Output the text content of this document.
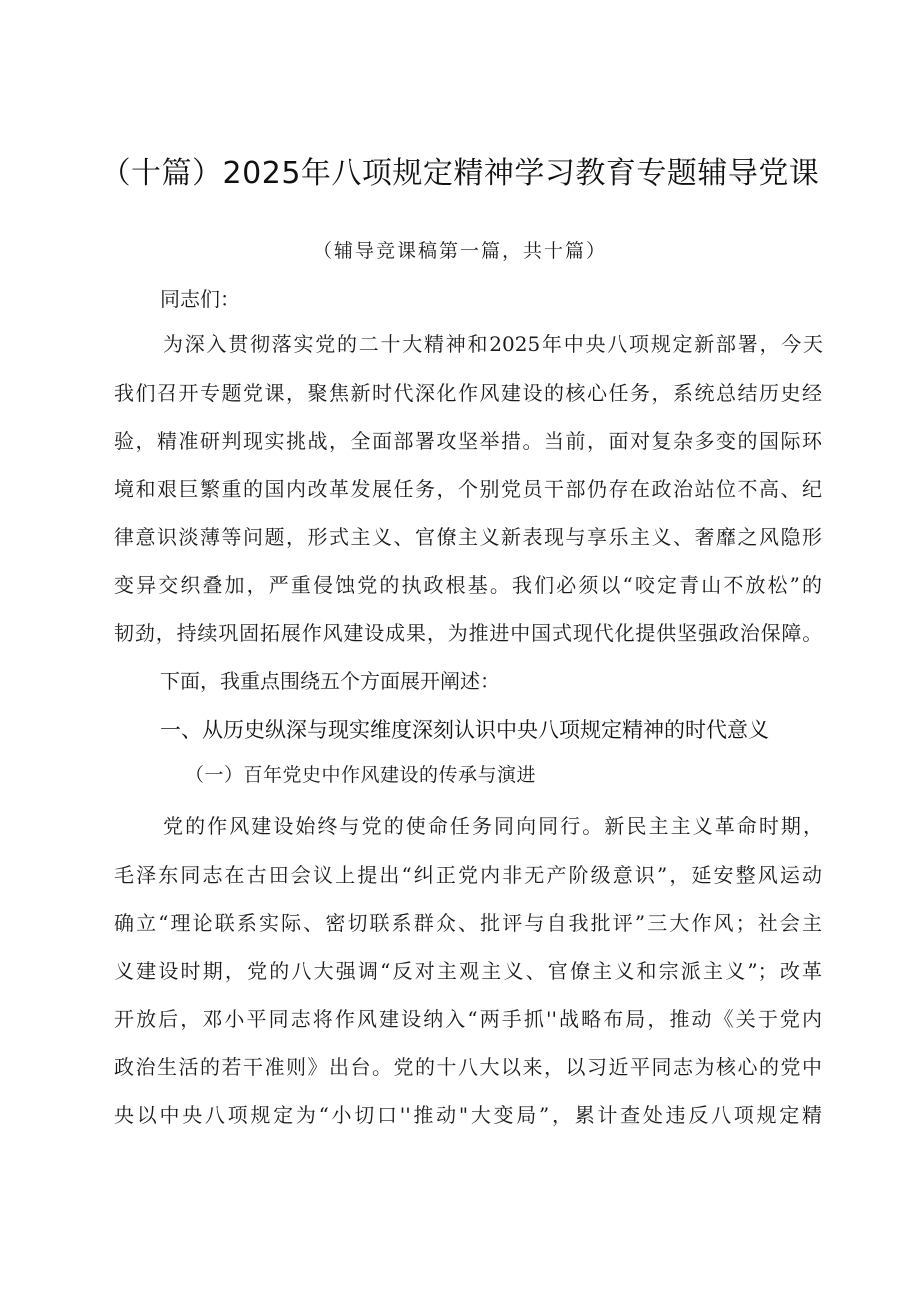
（十篇）2025年八项规定精神学习教育专题辅导党课
（辅导竞课稿第一篇，共十篇）
同志们：
为深入贯彻落实党的二十大精神和2025年中央八项规定新部署，今天
我们召开专题党课，聚焦新时代深化作风建设的核心任务，系统总结历史经
验，精准研判现实挑战，全面部署攻坚举措。当前，面对复杂多变的国际环
境和艰巨繁重的国内改革发展任务，个别党员干部仍存在政治站位不高、纪
律意识淡薄等问题，形式主义、官僚主义新表现与享乐主义、奢靡之风隐形
变异交织叠加，严重侵蚀党的执政根基。我们必须以“咬定青山不放松”的
韧劲，持续巩固拓展作风建设成果，为推进中国式现代化提供坚强政治保障。
下面，我重点围绕五个方面展开阐述：
一、从历史纵深与现实维度深刻认识中央八项规定精神的时代意义
（一）百年党史中作风建设的传承与演进
党的作风建设始终与党的使命任务同向同行。新民主主义革命时期，
毛泽东同志在古田会议上提出“纠正党内非无产阶级意识”，延安整风运动
确立“理论联系实际、密切联系群众、批评与自我批评”三大作风；社会主
义建设时期，党的八大强调“反对主观主义、官僚主义和宗派主义”；改革
开放后，邓小平同志将作风建设纳入“两手抓''战略布局，推动《关于党内
政治生活的若干准则》出台。党的十八大以来，以习近平同志为核心的党中
央以中央八项规定为“小切口''推动"大变局”，累计查处违反八项规定精
